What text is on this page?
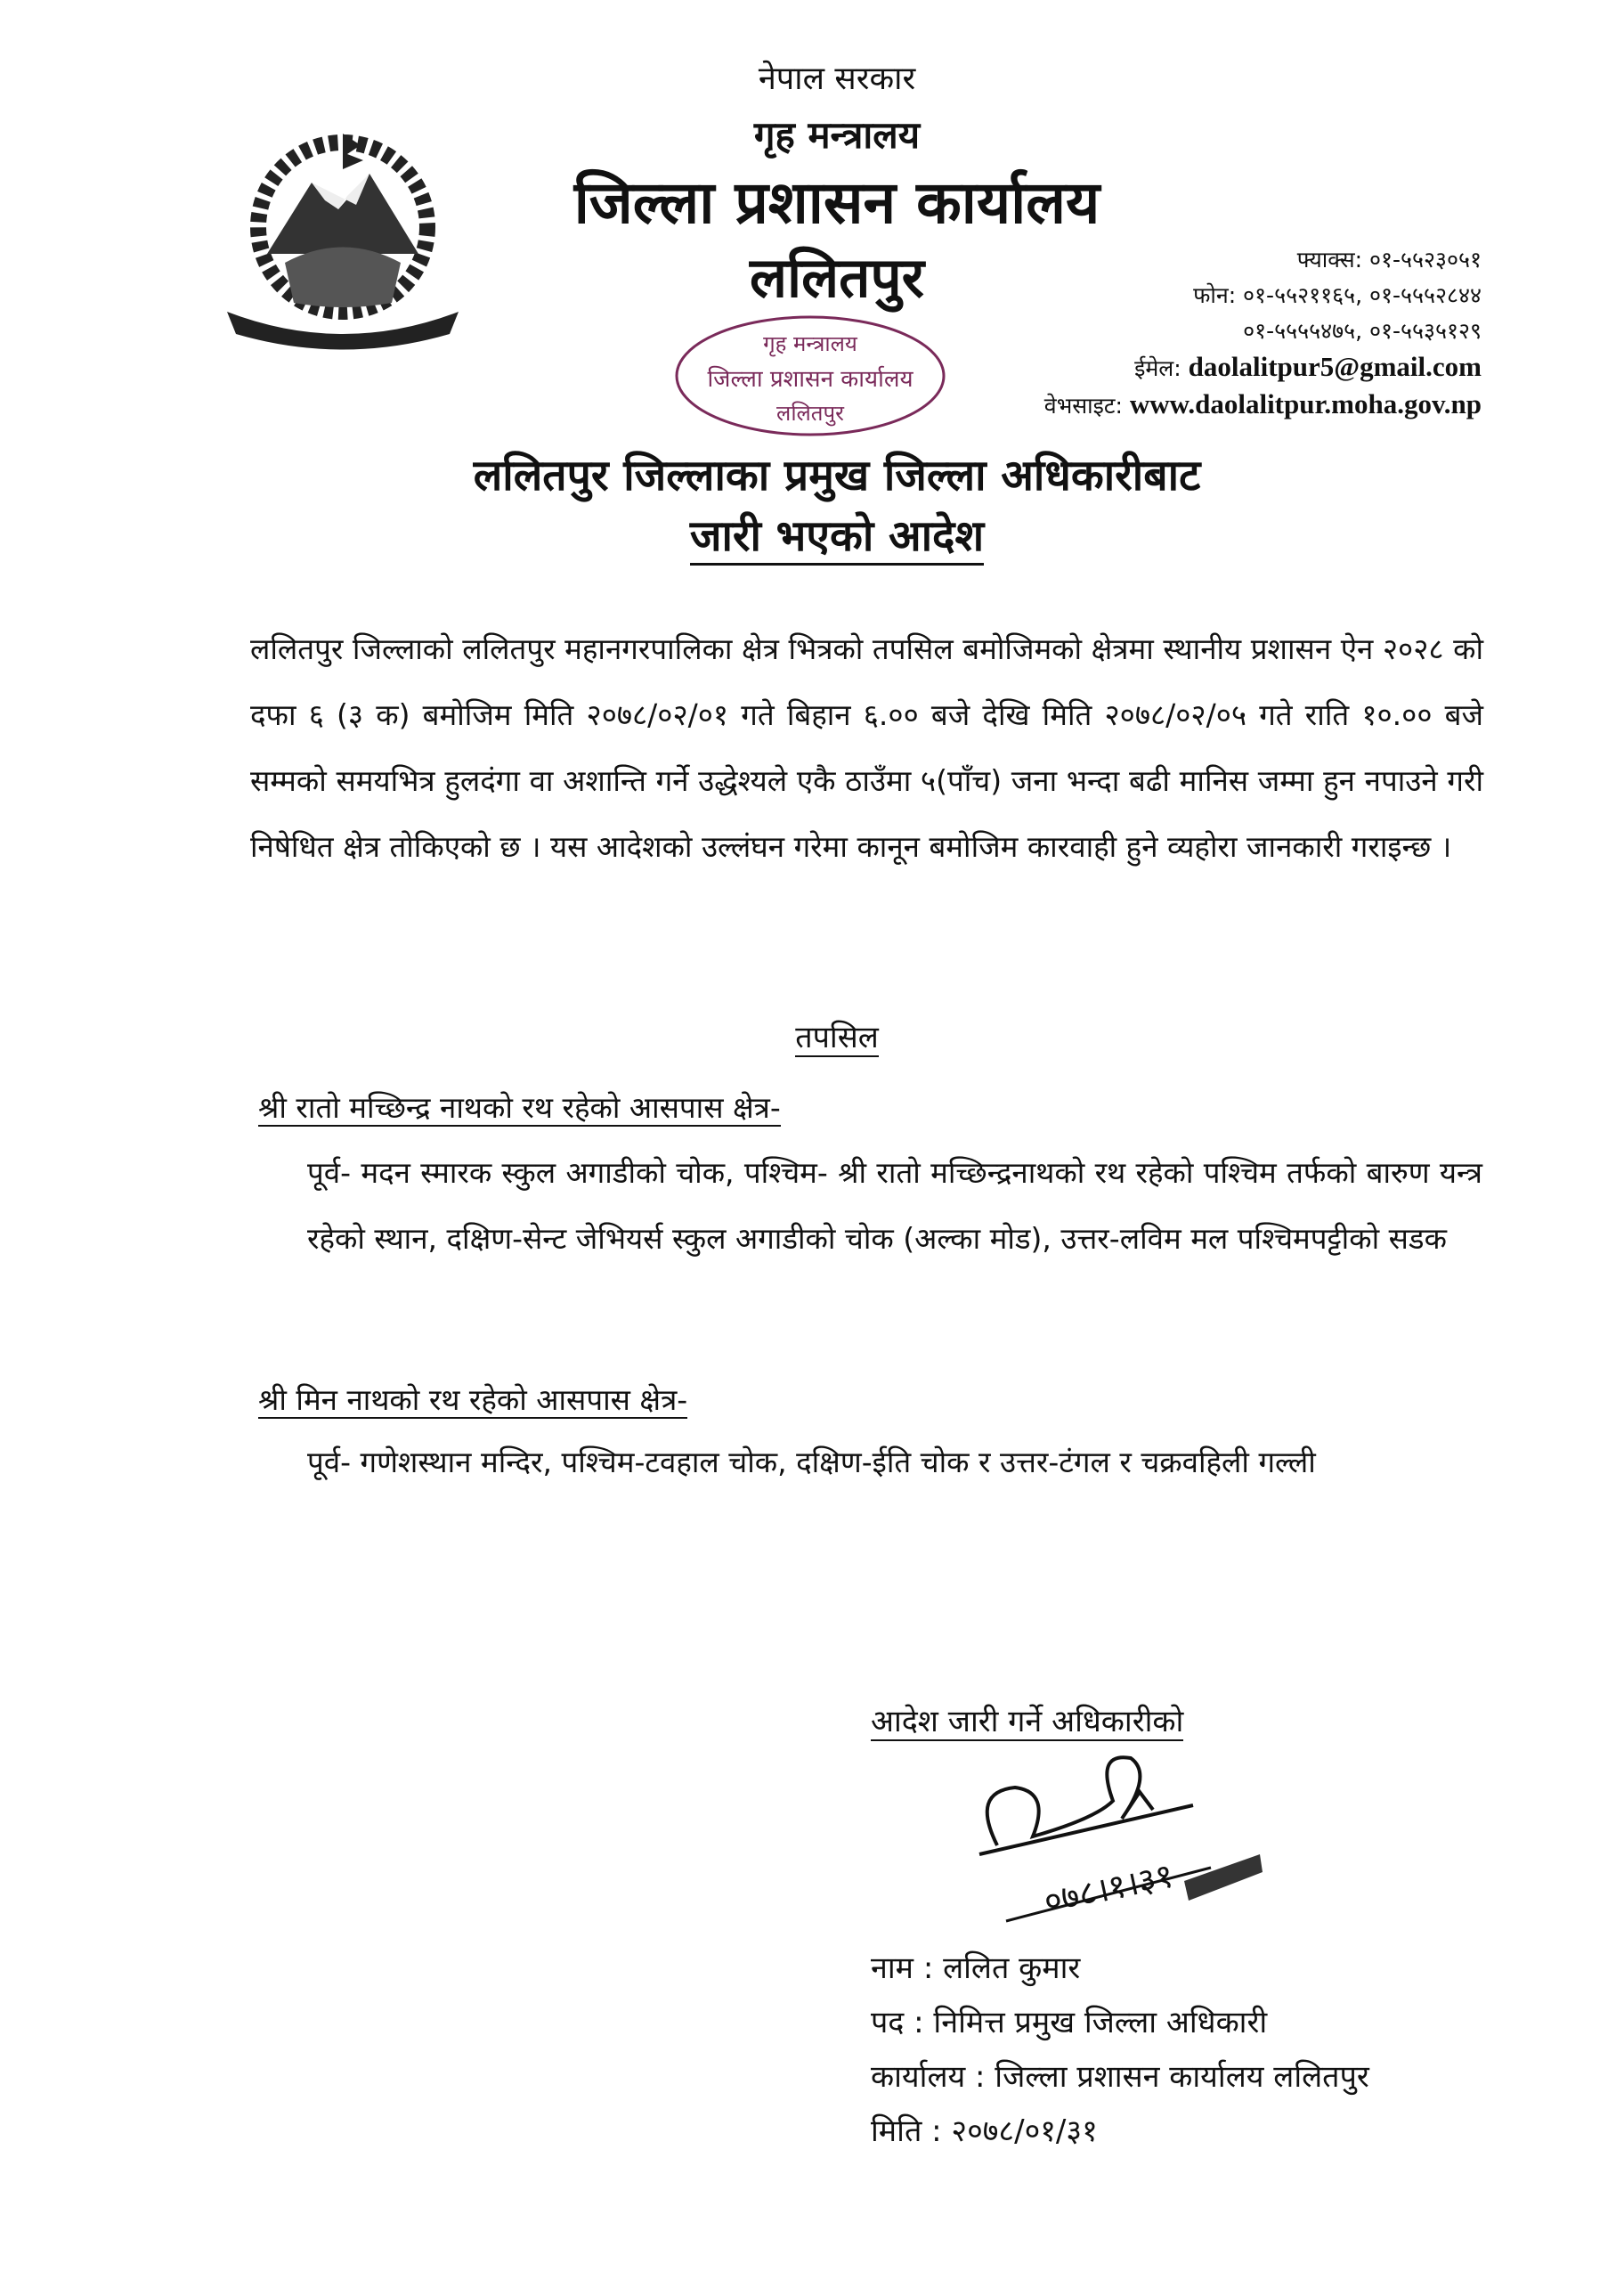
नेपाल सरकार
गृह मन्त्रालय
जिल्ला प्रशासन कार्यालय
ललितपुर
गृह मन्त्रालय
जिल्ला प्रशासन कार्यालय
ललितपुर
फ्याक्स: ०१-५५२३०५१
फोन: ०१-५५२११६५, ०१-५५५२८४४
०१-५५५५४७५, ०१-५५३५१२९
ईमेल: daolalitpur5@gmail.com
वेभसाइट: www.daolalitpur.moha.gov.np
ललितपुर जिल्लाका प्रमुख जिल्ला अधिकारीबाट
जारी भएको आदेश
ललितपुर जिल्लाको ललितपुर महानगरपालिका क्षेत्र भित्रको तपसिल बमोजिमको क्षेत्रमा स्थानीय प्रशासन ऐन २०२८ को दफा ६ (३ क) बमोजिम मिति २०७८/०२/०१ गते बिहान ६.०० बजे देखि मिति २०७८/०२/०५ गते राति १०.०० बजे सम्मको समयभित्र हुलदंगा वा अशान्ति गर्ने उद्धेश्यले एकै ठाउँमा ५(पाँच) जना भन्दा बढी मानिस जम्मा हुन नपाउने गरी निषेधित क्षेत्र तोकिएको छ । यस आदेशको उल्लंघन गरेमा कानून बमोजिम कारवाही हुने व्यहोरा जानकारी गराइन्छ ।
तपसिल
श्री रातो मच्छिन्द्र नाथको रथ रहेको आसपास क्षेत्र-
पूर्व- मदन स्मारक स्कुल अगाडीको चोक, पश्चिम- श्री रातो मच्छिन्द्रनाथको रथ रहेको पश्चिम तर्फको बारुण यन्त्र रहेको स्थान, दक्षिण-सेन्ट जेभियर्स स्कुल अगाडीको चोक (अल्का मोड), उत्तर-लविम मल पश्चिमपट्टीको सडक
श्री मिन नाथको रथ रहेको आसपास क्षेत्र-
पूर्व- गणेशस्थान मन्दिर, पश्चिम-टवहाल चोक, दक्षिण-ईति चोक र उत्तर-टंगल र चक्रवहिली गल्ली
आदेश जारी गर्ने अधिकारीको
०७८।१।३१
नाम : ललित कुमार
पद : निमित्त प्रमुख जिल्ला अधिकारी
कार्यालय : जिल्ला प्रशासन कार्यालय ललितपुर
मिति : २०७८/०१/३१
